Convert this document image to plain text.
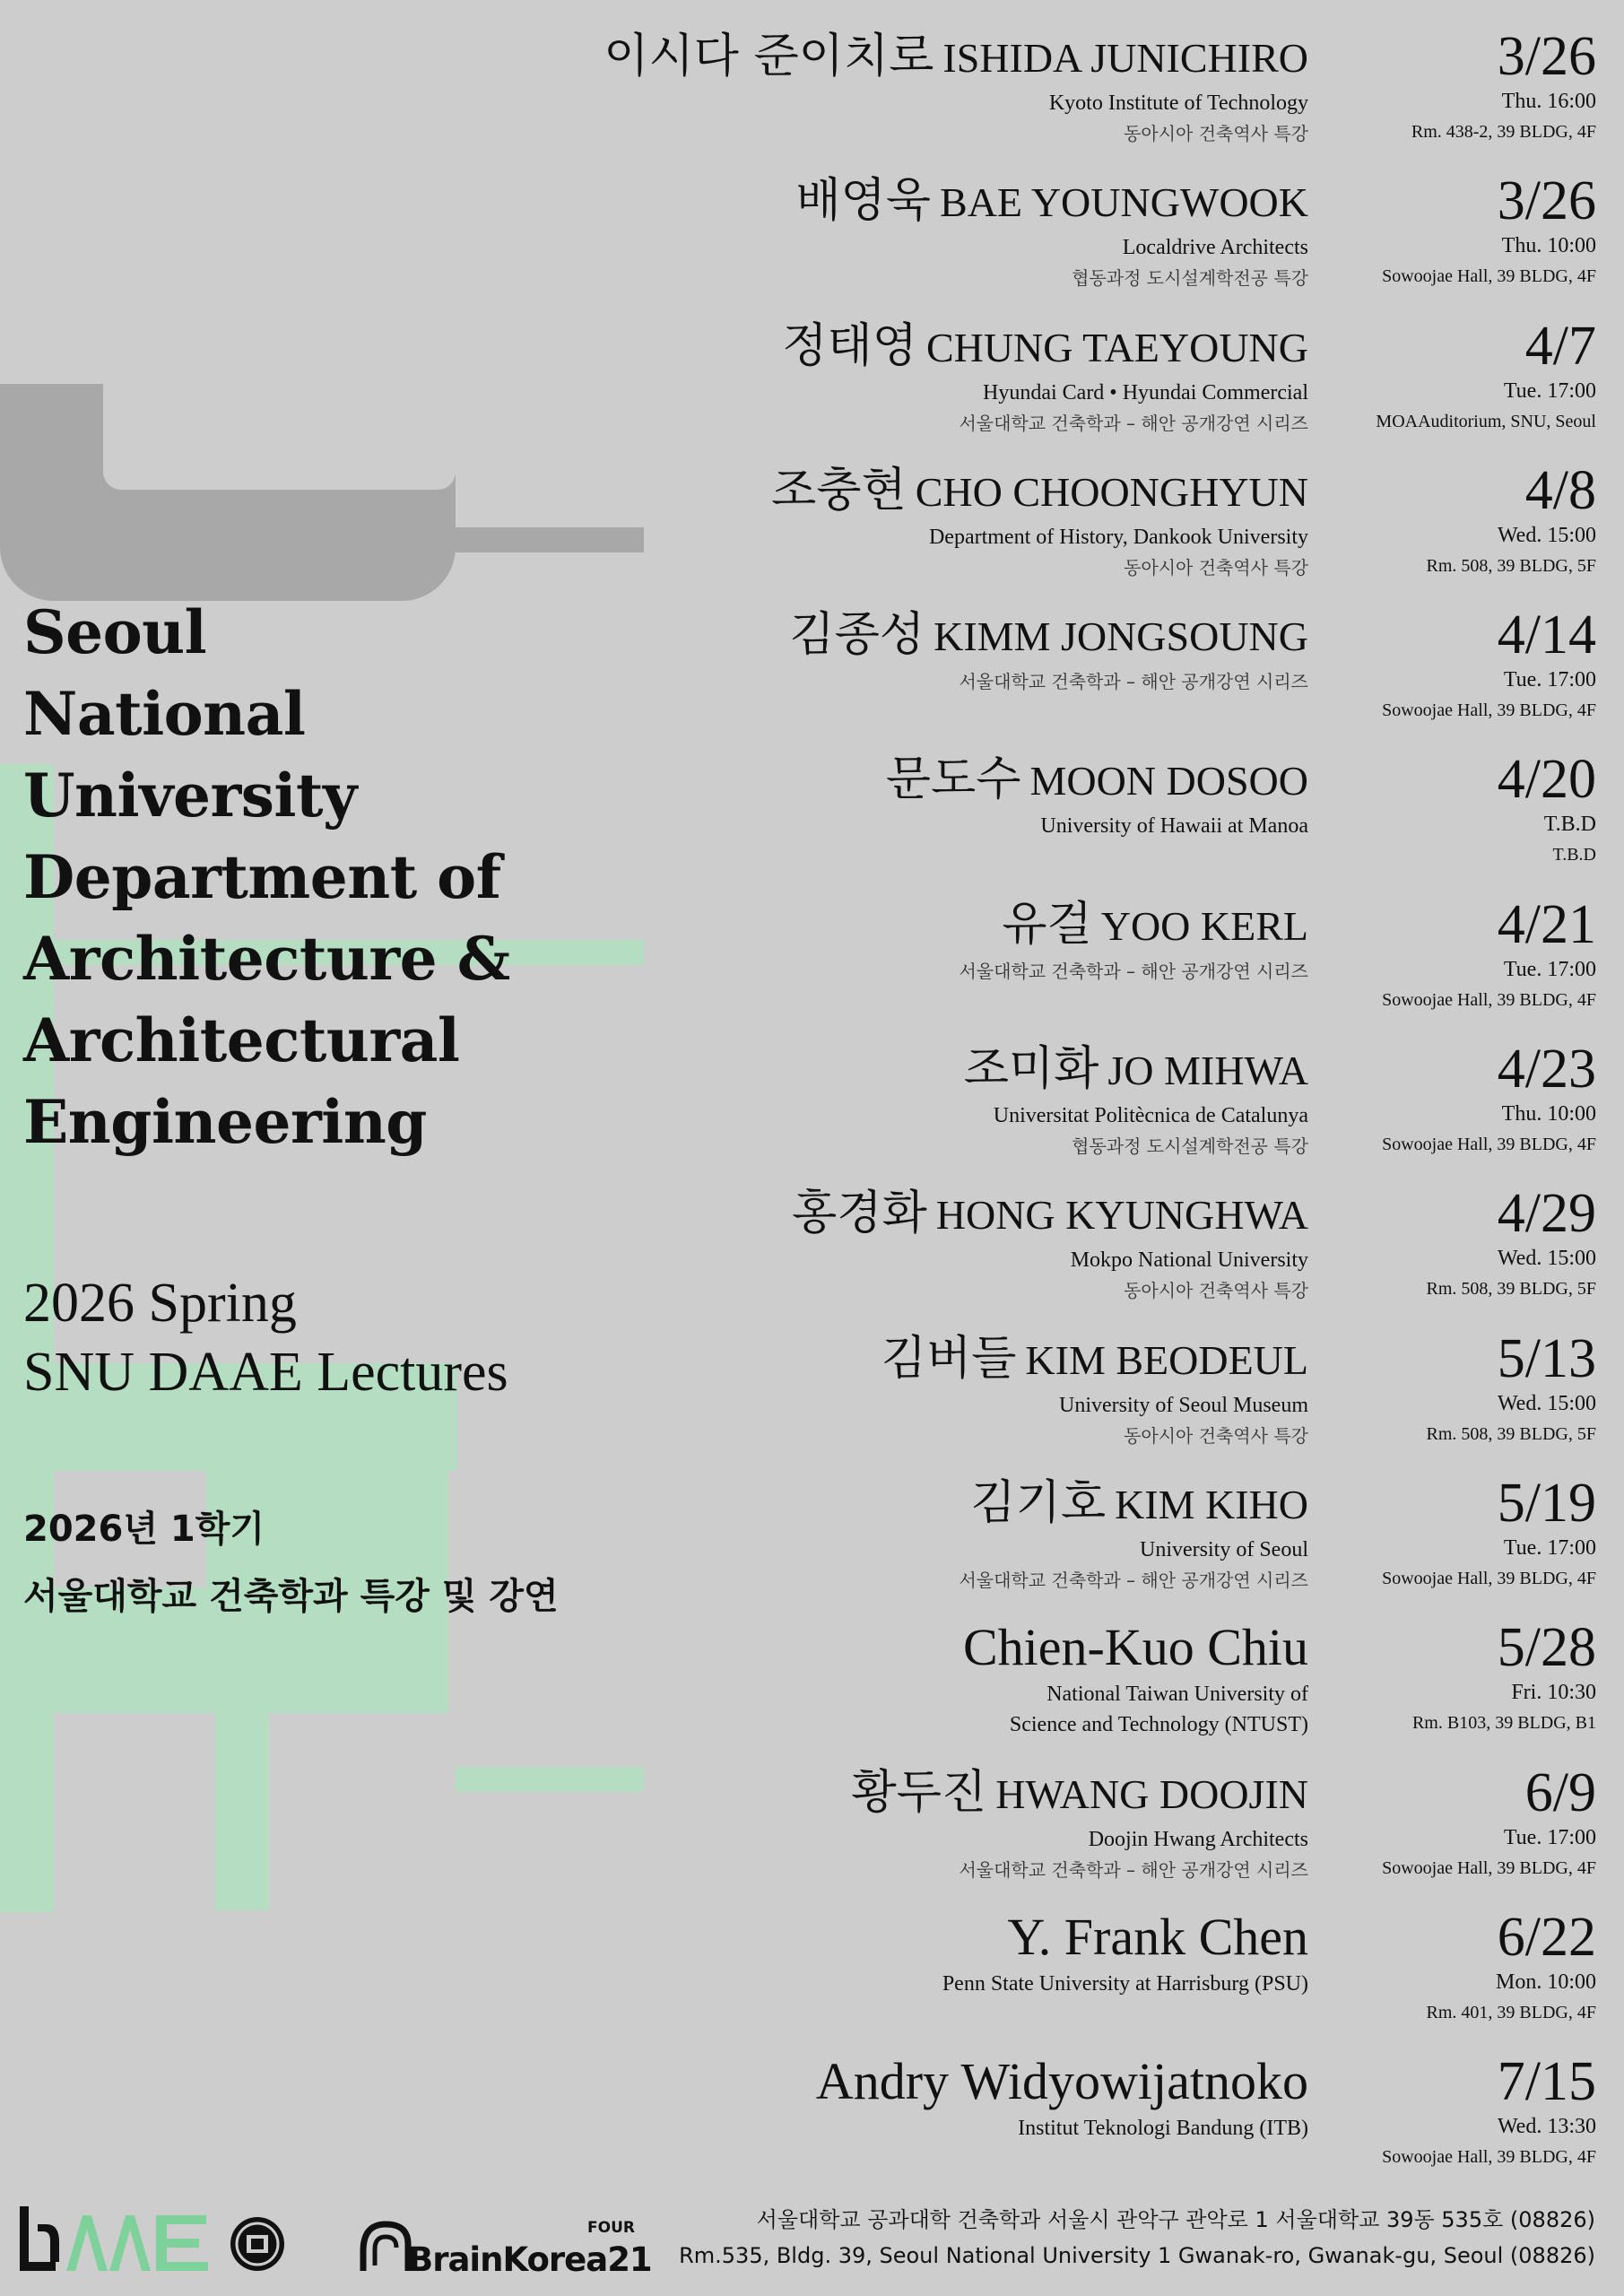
Seoul
National
University
Department of
Architecture &
Architectural
Engineering
2026 Spring
SNU DAAE Lectures
2026년 1학기
서울대학교 건축학과 특강 및 강연
이시다 준이치로 ISHIDA JUNICHIRO
Kyoto Institute of Technology
동아시아 건축역사 특강
3/26
Thu. 16:00
Rm. 438-2, 39 BLDG, 4F
배영욱 BAE YOUNGWOOK
Localdrive Architects
협동과정 도시설계학전공 특강
3/26
Thu. 10:00
Sowoojae Hall, 39 BLDG, 4F
정태영 CHUNG TAEYOUNG
Hyundai Card • Hyundai Commercial
서울대학교 건축학과 – 해안 공개강연 시리즈
4/7
Tue. 17:00
MOAAuditorium, SNU, Seoul
조충현 CHO CHOONGHYUN
Department of History, Dankook University
동아시아 건축역사 특강
4/8
Wed. 15:00
Rm. 508, 39 BLDG, 5F
김종성 KIMM JONGSOUNG
서울대학교 건축학과 – 해안 공개강연 시리즈
4/14
Tue. 17:00
Sowoojae Hall, 39 BLDG, 4F
문도수 MOON DOSOO
University of Hawaii at Manoa
4/20
T.B.D
T.B.D
유걸 YOO KERL
서울대학교 건축학과 – 해안 공개강연 시리즈
4/21
Tue. 17:00
Sowoojae Hall, 39 BLDG, 4F
조미화 JO MIHWA
Universitat Politècnica de Catalunya
협동과정 도시설계학전공 특강
4/23
Thu. 10:00
Sowoojae Hall, 39 BLDG, 4F
홍경화 HONG KYUNGHWA
Mokpo National University
동아시아 건축역사 특강
4/29
Wed. 15:00
Rm. 508, 39 BLDG, 5F
김버들 KIM BEODEUL
University of Seoul Museum
동아시아 건축역사 특강
5/13
Wed. 15:00
Rm. 508, 39 BLDG, 5F
김기호 KIM KIHO
University of Seoul
서울대학교 건축학과 – 해안 공개강연 시리즈
5/19
Tue. 17:00
Sowoojae Hall, 39 BLDG, 4F
Chien-Kuo Chiu
National Taiwan University of
Science and Technology (NTUST)
5/28
Fri. 10:30
Rm. B103, 39 BLDG, B1
황두진 HWANG DOOJIN
Doojin Hwang Architects
서울대학교 건축학과 – 해안 공개강연 시리즈
6/9
Tue. 17:00
Sowoojae Hall, 39 BLDG, 4F
Y. Frank Chen
Penn State University at Harrisburg (PSU)
6/22
Mon. 10:00
Rm. 401, 39 BLDG, 4F
Andry Widyowijatnoko
Institut Teknologi Bandung (ITB)
7/15
Wed. 13:30
Sowoojae Hall, 39 BLDG, 4F
BrainKorea21
FOUR	서울대학교 공과대학 건축학과 서울시 관악구 관악로 1 서울대학교 39동 535호 (08826)
Rm.535, Bldg. 39, Seoul National University 1 Gwanak-ro, Gwanak-gu, Seoul (08826)
